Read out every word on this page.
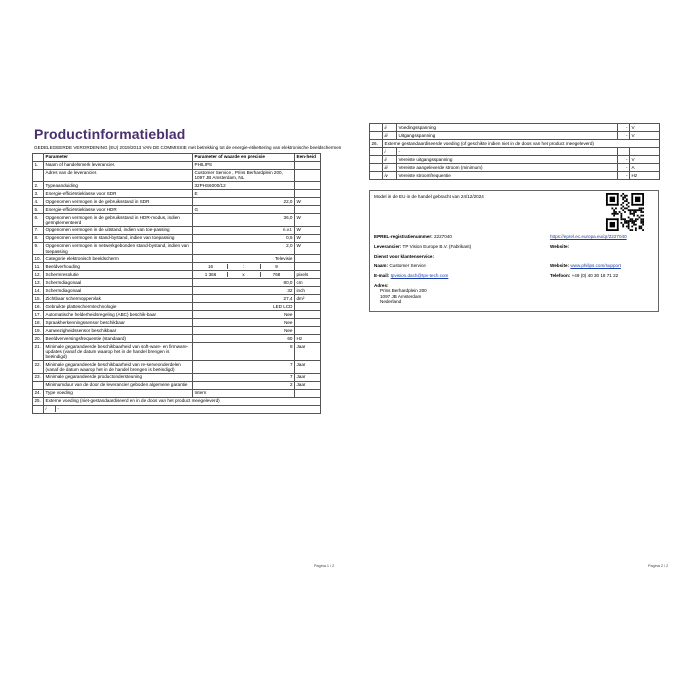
Productinformatieblad
GEDELEGEERDE VERORDENING (EU) 2019/2013 VAN DE COMMISSIE met betrekking tot de energie-etikettering van elektronische beeldschermen
	Parameter	Parameter of waarde en precisie	Een-heid
1.	Naam of handelsmerk leverancier.	PHILIPS	

	Adres van de leverancier.	Customer Service , Prins Berhardplein 200, 1097 JB Amsterdam, NL	

2.	Typeaanduiding	32PHS6000/12	

3.	Energie-efficiëntieklasse voor SDR	E	

4.	Opgenomen vermogen in de gebruiksstand in SDR	22,0	W
5.	Energie-efficiëntieklasse voor HDR	G	

6.	Opgenomen vermogen in de gebruiksstand in HDR-modus, indien geïmplementeerd	36,0	W
7.	Opgenomen vermogen in de uitstand, indien van toe-passing	n.v.t.	W
8.	Opgenomen vermogen in stand-bystand, indien van toepassing	0,5	W
9.	Opgenomen vermogen in netwerkgebonden stand-bystand, indien van toepassing	2,0	W
10.	Categorie elektronisch beeldscherm	Televisie	

11.	Beeldverhouding	16 : 9	

12.	Schermresolutie	1 366 x 768	pixels
13.	Schermdiagonaal	80,0	cm
14.	Schermdiagonaal	32	inch
15.	Zichtbaar schermoppervlak	27,4	dm²
16.	Gebruikte platteschermtechnologie	LED LCD	

17.	Automatische helderheidsregeling (ABC) beschik-baar	Nee	

18.	Spraakherkenningssensor beschikbaar	Nee	

19.	Aanwezigheidssensor beschikbaar	Nee	

20.	Beeldverversingsfrequentie (standaard)	60	Hz
21.	Minimale gegarandeerde beschikbaarheid van soft-ware- en firmware-updates (vanaf de datum waarop het in de handel brengen is beëindigd)	8	Jaar
22.	Minimale gegarandeerde beschikbaarheid van re-serveonderdelen (vanaf de datum waarop het in de handel brengen is beëindigd)	7	Jaar
23.	Minimale gegarandeerde productondersteuning	7	Jaar
	Minimumduur van de door de leverancier geboden algemene garantie	2	Jaar
24.	Type voeding	Intern	

25.	Externe voeding (niet-gestandaardiseerd en in de doos van het product meegeleverd)		

	i -		
Pagina 1 / 2
	ii	Voedingsspanning	-	V
	iii	Uitgangsspanning	-	V
26.	Externe gestandaardiseerde voeding (of geschikte indien niet in de doos van het product meegeleverd)			
	i	-		
	ii	Vereiste uitgangsspanning	-	V
	iii	Vereiste aangeleverde stroom (minimum)	-	A
	iv	Vereiste stroomfrequentie	-	Hz
Model in de EU in de handel gebracht van 24/12/2024
EPREL-registratienummer: 2227040	https://eprel.ec.europa.eu/qr/2227040
Leverancier: TP Vision Europe B.V. (Fabrikant)	Website:
Dienst voor klantenservice:
Naam: Customer Service	Website: www.philips.com/support
E-mail: tpvision.dach@tpv-tech.com	Telefoon: +49 (0) 40 30 18 71 22
Adres:
Prins Berhardplein 200
1097 JB Amsterdam
Nederland
Pagina 2 / 2
